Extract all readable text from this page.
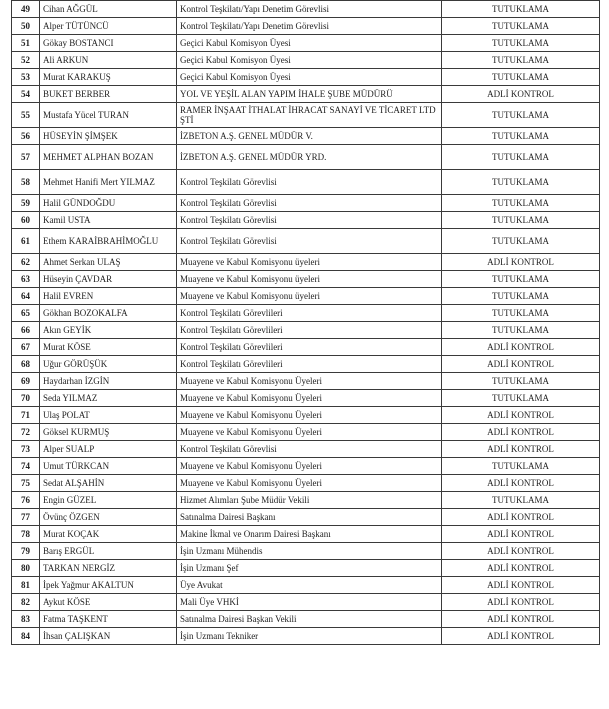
49	Cihan AĞGÜL	Kontrol Teşkilatı/Yapı Denetim Görevlisi	TUTUKLAMA
50	Alper TÜTÜNCÜ	Kontrol Teşkilatı/Yapı Denetim Görevlisi	TUTUKLAMA
51	Gökay BOSTANCI	Geçici Kabul Komisyon Üyesi	TUTUKLAMA
52	Ali ARKUN	Geçici Kabul Komisyon Üyesi	TUTUKLAMA
53	Murat KARAKUŞ	Geçici Kabul Komisyon Üyesi	TUTUKLAMA
54	BUKET BERBER	YOL VE YEŞİL ALAN YAPIM İHALE ŞUBE MÜDÜRÜ	ADLİ KONTROL
55	Mustafa Yücel TURAN	RAMER İNŞAAT İTHALAT İHRACAT SANAYİ VE TİCARET LTD ŞTİ	TUTUKLAMA
56	HÜSEYİN ŞİMŞEK	İZBETON A.Ş. GENEL MÜDÜR V.	TUTUKLAMA
57	MEHMET ALPHAN BOZAN	İZBETON A.Ş. GENEL MÜDÜR YRD.	TUTUKLAMA
58	Mehmet Hanifi Mert YILMAZ	Kontrol Teşkilatı Görevlisi	TUTUKLAMA
59	Halil GÜNDOĞDU	Kontrol Teşkilatı Görevlisi	TUTUKLAMA
60	Kamil USTA	Kontrol Teşkilatı Görevlisi	TUTUKLAMA
61	Ethem KARAİBRAHİMOĞLU	Kontrol Teşkilatı Görevlisi	TUTUKLAMA
62	Ahmet Serkan ULAŞ	Muayene ve Kabul Komisyonu üyeleri	ADLİ KONTROL
63	Hüseyin ÇAVDAR	Muayene ve Kabul Komisyonu üyeleri	TUTUKLAMA
64	Halil EVREN	Muayene ve Kabul Komisyonu üyeleri	TUTUKLAMA
65	Gökhan BOZOKALFA	Kontrol Teşkilatı Görevlileri	TUTUKLAMA
66	Akın GEYİK	Kontrol Teşkilatı Görevlileri	TUTUKLAMA
67	Murat KÖSE	Kontrol Teşkilatı Görevlileri	ADLİ KONTROL
68	Uğur GÖRÜŞÜK	Kontrol Teşkilatı Görevlileri	ADLİ KONTROL
69	Haydarhan İZGİN	Muayene ve Kabul Komisyonu Üyeleri	TUTUKLAMA
70	Seda YILMAZ	Muayene ve Kabul Komisyonu Üyeleri	TUTUKLAMA
71	Ulaş POLAT	Muayene ve Kabul Komisyonu Üyeleri	ADLİ KONTROL
72	Göksel KURMUŞ	Muayene ve Kabul Komisyonu Üyeleri	ADLİ KONTROL
73	Alper SUALP	Kontrol Teşkilatı Görevlisi	ADLİ KONTROL
74	Umut TÜRKCAN	Muayene ve Kabul Komisyonu Üyeleri	TUTUKLAMA
75	Sedat ALŞAHİN	Muayene ve Kabul Komisyonu Üyeleri	ADLİ KONTROL
76	Engin GÜZEL	Hizmet Alımları Şube Müdür Vekili	TUTUKLAMA
77	Övünç ÖZGEN	Satınalma Dairesi Başkanı	ADLİ KONTROL
78	Murat KOÇAK	Makine İkmal ve Onarım Dairesi Başkanı	ADLİ KONTROL
79	Barış ERGÜL	İşin Uzmanı Mühendis	ADLİ KONTROL
80	TARKAN NERGİZ	İşin Uzmanı Şef	ADLİ KONTROL
81	İpek Yağmur AKALTUN	Üye Avukat	ADLİ KONTROL
82	Aykut KÖSE	Mali Üye VHKİ	ADLİ KONTROL
83	Fatma TAŞKENT	Satınalma Dairesi Başkan Vekili	ADLİ KONTROL
84	İhsan ÇALIŞKAN	İşin Uzmanı Tekniker	ADLİ KONTROL
